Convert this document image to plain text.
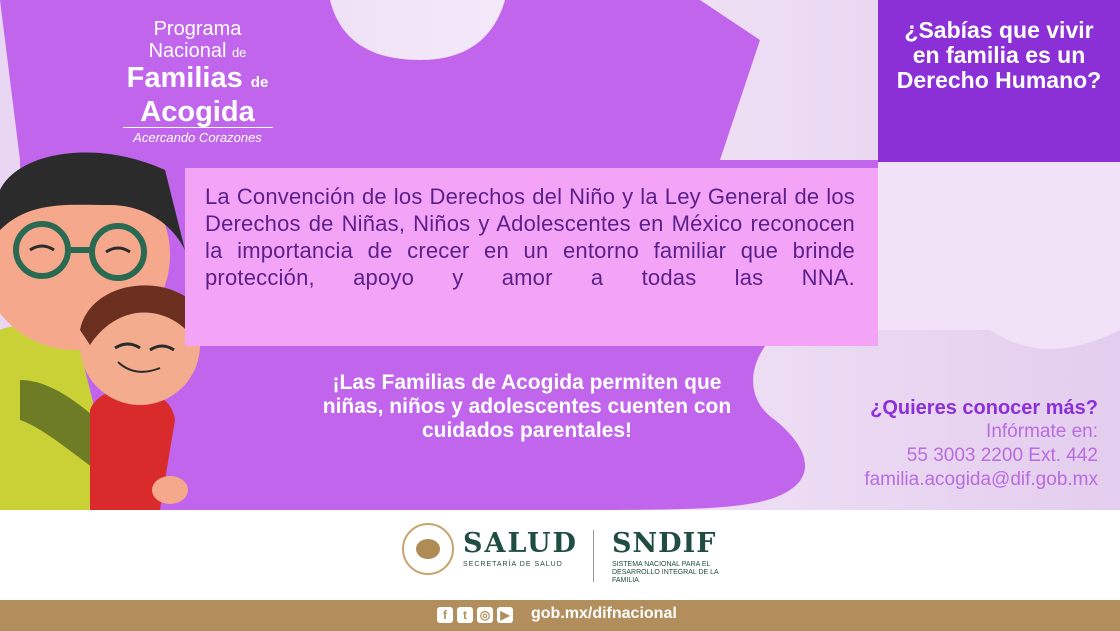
Programa
Nacional de
Familias de
Acogida
Acercando Corazones
¿Sabías que vivir en familia es un Derecho Humano?
La Convención de los Derechos del Niño y la Ley General de los Derechos de Niñas, Niños y Adolescentes en México reconocen la importancia de crecer en un entorno familiar que brinde protección, apoyo y amor a todas las NNA.
¡Las Familias de Acogida permiten que niñas, niños y adolescentes cuenten con cuidados parentales!
¿Quieres conocer más?
Infórmate en:
55 3003 2200 Ext. 442
familia.acogida@dif.gob.mx
SALUD
SECRETARÍA DE SALUD
SNDIF
SISTEMA NACIONAL PARA EL DESARROLLO INTEGRAL DE LA FAMILIA
f	t	◎ ▶ gob.mx/difnacional
